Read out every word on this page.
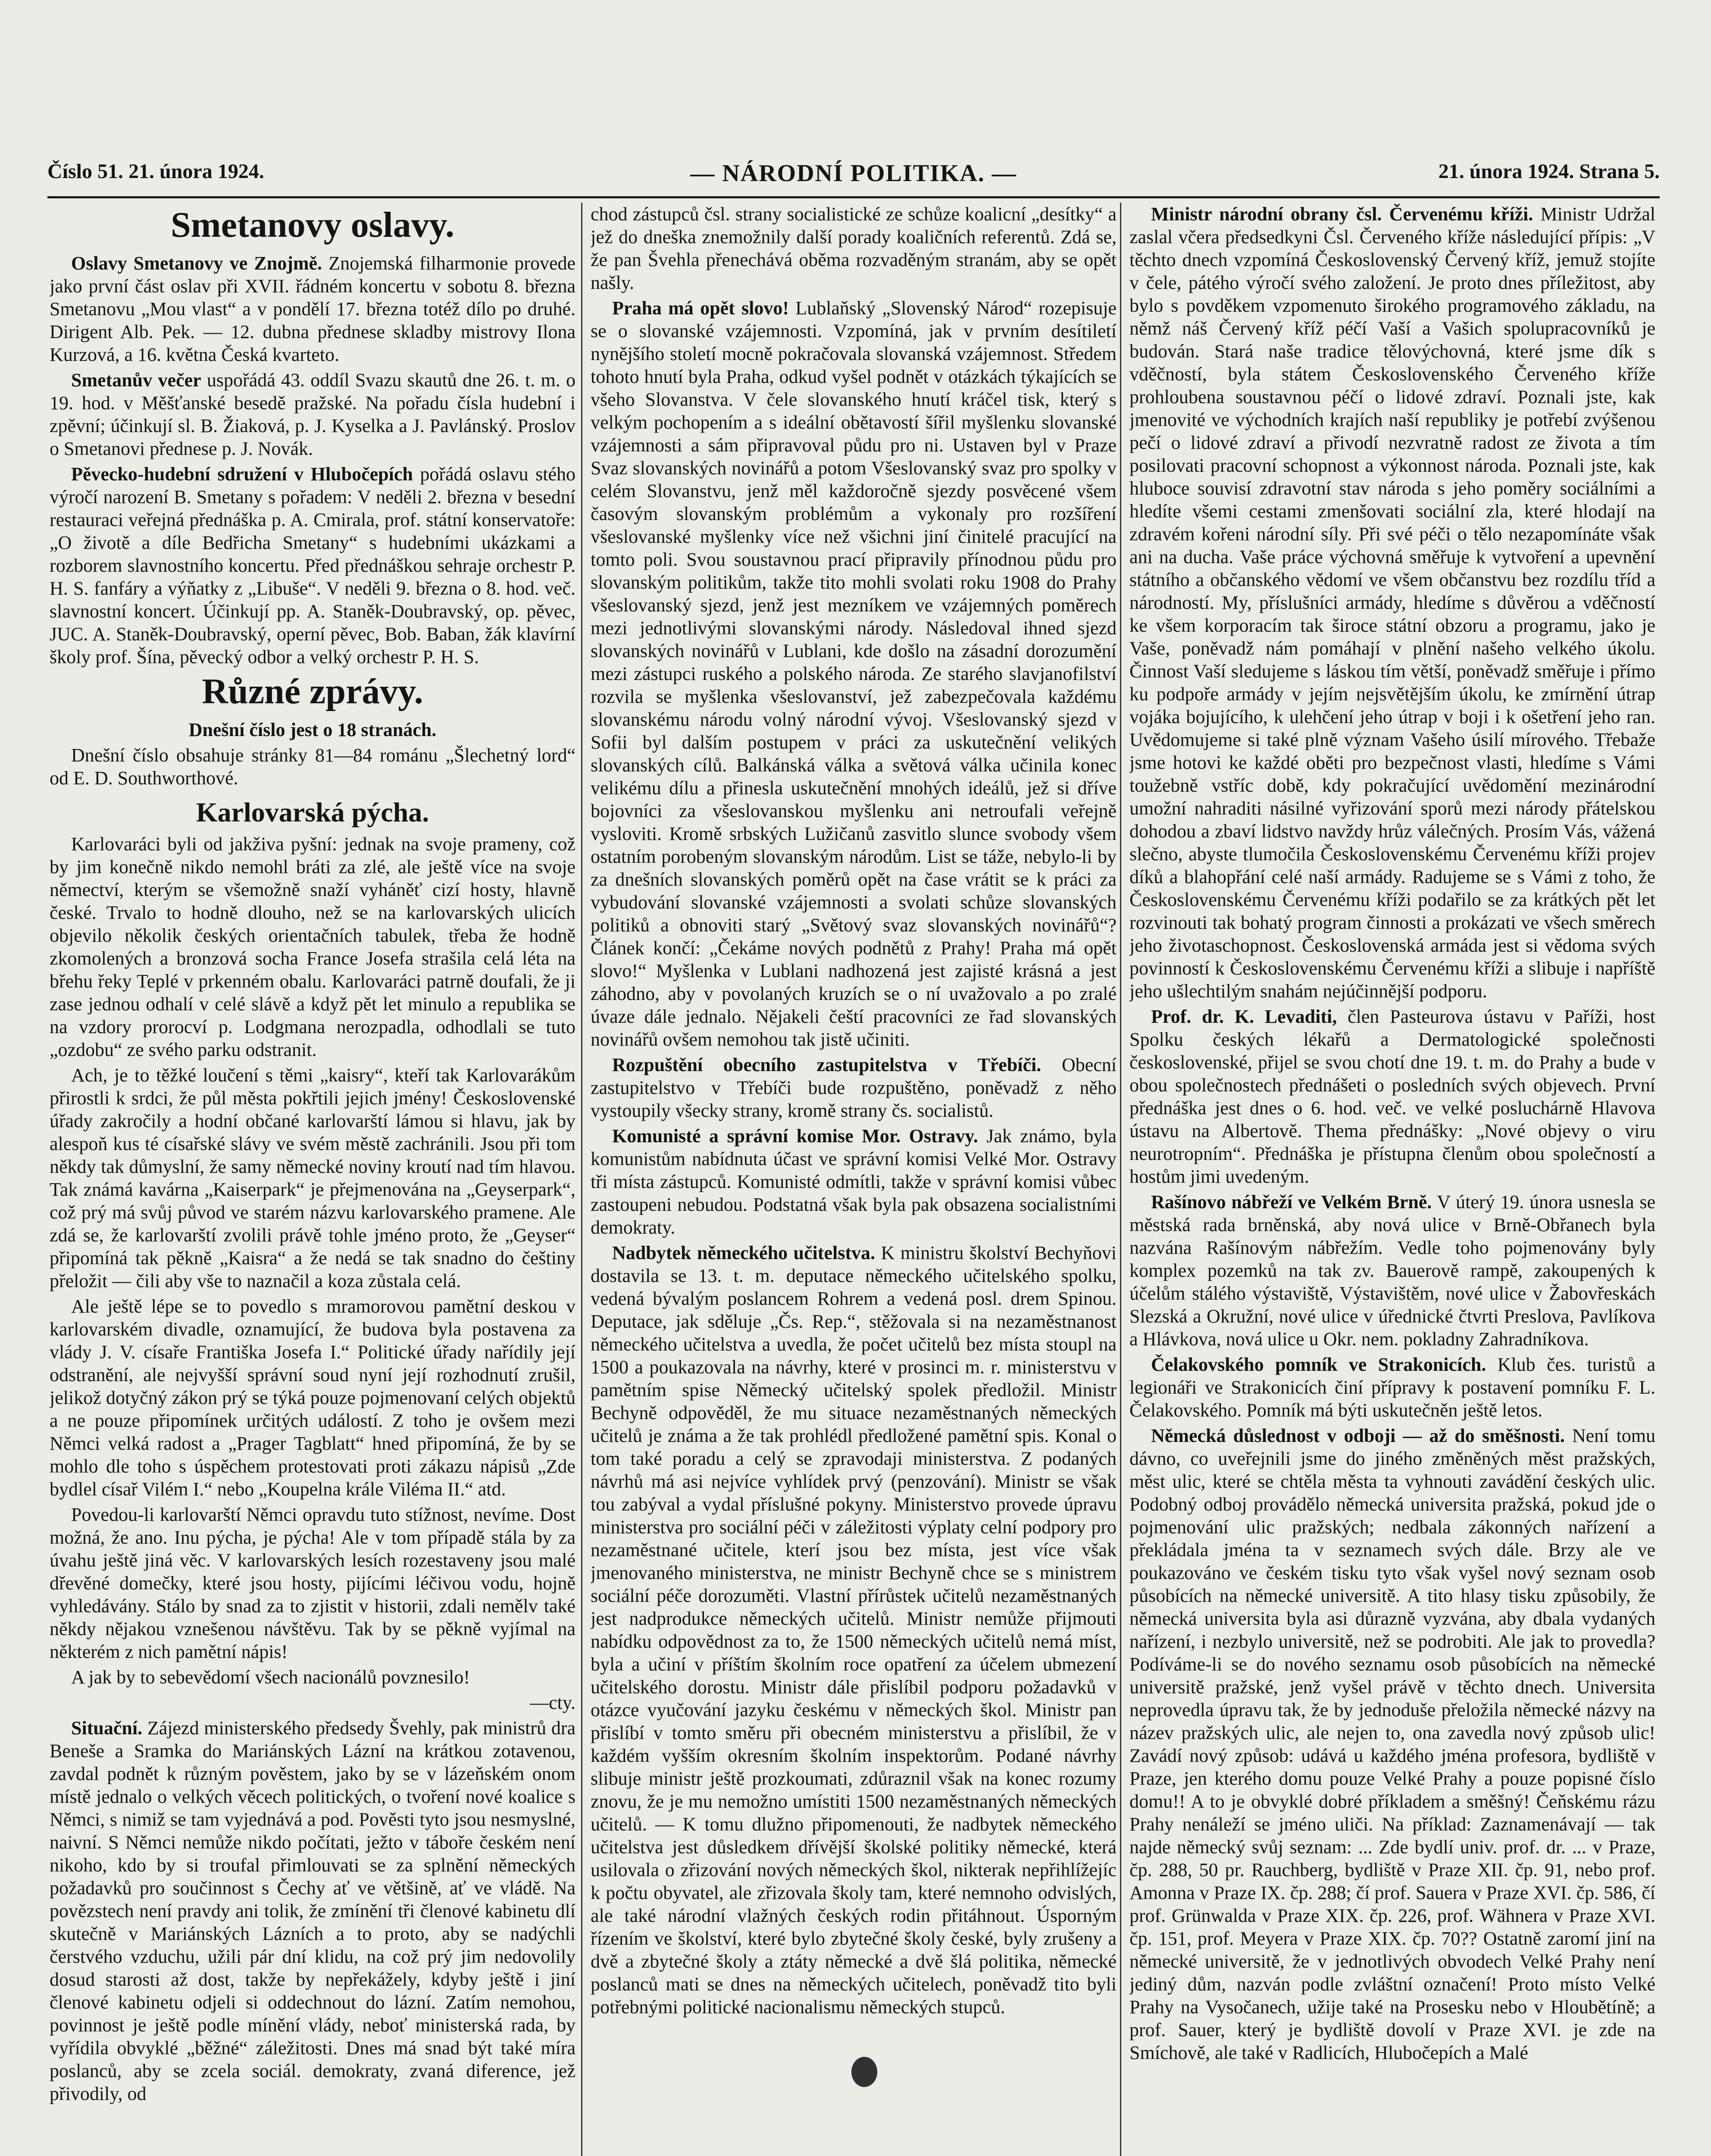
Číslo 51. 21. února 1924.	— NÁRODNÍ POLITIKA. —	21. února 1924. Strana 5.
Smetanovy oslavy.

Oslavy Smetanovy ve Znojmě. Znojemská filharmonie provede jako první část oslav při XVII. řádném koncertu v sobotu 8. března Smetanovu „Mou vlast“ a v pondělí 17. března totéž dílo po druhé. Dirigent Alb. Pek. — 12. dubna přednese skladby mistrovy Ilona Kurzová, a 16. května Česká kvarteto.

Smetanův večer uspořádá 43. oddíl Svazu skautů dne 26. t. m. o 19. hod. v Měšťanské besedě pražské. Na pořadu čísla hudební i zpěvní; účinkují sl. B. Žiaková, p. J. Kyselka a J. Pavlánský. Proslov o Smetanovi přednese p. J. Novák.

Pěvecko-hudební sdružení v Hlubočepích pořádá oslavu stého výročí narození B. Smetany s pořadem: V neděli 2. března v besední restauraci veřejná přednáška p. A. Cmirala, prof. státní konservatoře: „O životě a díle Bedřicha Smetany“ s hudebními ukázkami a rozborem slavnostního koncertu. Před přednáškou sehraje orchestr P. H. S. fanfáry a výňatky z „Libuše“. V neděli 9. března o 8. hod. več. slavnostní koncert. Účinkují pp. A. Staněk-Doubravský, op. pěvec, JUC. A. Staněk-Doubravský, operní pěvec, Bob. Baban, žák klavírní školy prof. Šína, pěvecký odbor a velký orchestr P. H. S.

Různé zprávy.

Dnešní číslo jest o 18 stranách.

Dnešní číslo obsahuje stránky 81—84 románu „Šlechetný lord“ od E. D. Southworthové.

Karlovarská pýcha.

Karlovaráci byli od jakživa pyšní: jednak na svoje prameny, což by jim konečně nikdo nemohl bráti za zlé, ale ještě více na svoje němectví, kterým se všemožně snaží vyháněť cizí hosty, hlavně české. Trvalo to hodně dlouho, než se na karlovarských ulicích objevilo několik českých orientačních tabulek, třeba že hodně zkomolených a bronzová socha France Josefa strašila celá léta na břehu řeky Teplé v prkenném obalu. Karlovaráci patrně doufali, že ji zase jednou odhalí v celé slávě a když pět let minulo a republika se na vzdory prorocví p. Lodgmana nerozpadla, odhodlali se tuto „ozdobu“ ze svého parku odstranit.

Ach, je to těžké loučení s těmi „kaisry“, kteří tak Karlovarákům přirostli k srdci, že půl města pokřtili jejich jmény! Československé úřady zakročily a hodní občané karlovarští lámou si hlavu, jak by alespoň kus té císařské slávy ve svém městě zachránili. Jsou při tom někdy tak důmyslní, že samy německé noviny kroutí nad tím hlavou. Tak známá kavárna „Kaiserpark“ je přejmenována na „Geyserpark“, což prý má svůj původ ve starém názvu karlovarského pramene. Ale zdá se, že karlovarští zvolili právě tohle jméno proto, že „Geyser“ připomíná tak pěkně „Kaisra“ a že nedá se tak snadno do češtiny přeložit — čili aby vše to naznačil a koza zůstala celá.

Ale ještě lépe se to povedlo s mramorovou pamětní deskou v karlovarském divadle, oznamující, že budova byla postavena za vlády J. V. císaře Františka Josefa I.“ Politické úřady nařídily její odstranění, ale nejvyšší správní soud nyní její rozhodnutí zrušil, jelikož dotyčný zákon prý se týká pouze pojmenovaní celých objektů a ne pouze připomínek určitých událostí. Z toho je ovšem mezi Němci velká radost a „Prager Tagblatt“ hned připomíná, že by se mohlo dle toho s úspěchem protestovati proti zákazu nápisů „Zde bydlel císař Vilém I.“ nebo „Koupelna krále Viléma II.“ atd.

Povedou-li karlovarští Němci opravdu tuto stížnost, nevíme. Dost možná, že ano. Inu pýcha, je pýcha! Ale v tom případě stála by za úvahu ještě jiná věc. V karlovarských lesích rozestaveny jsou malé dřevěné domečky, které jsou hosty, pijícími léčivou vodu, hojně vyhledávány. Stálo by snad za to zjistit v historii, zdali nemělv také někdy nějakou vznešenou návštěvu. Tak by se pěkně vyjímal na některém z nich pamětní nápis!

A jak by to sebevědomí všech nacionálů povznesilo!

—cty.

Situační. Zájezd ministerského předsedy Švehly, pak ministrů dra Beneše a Sramka do Mariánských Lázní na krátkou zotavenou, zavdal podnět k různým pověstem, jako by se v lázeňském onom místě jednalo o velkých věcech politických, o tvoření nové koalice s Němci, s nimiž se tam vyjednává a pod. Pověsti tyto jsou nesmyslné, naivní. S Němci nemůže nikdo počítati, ježto v táboře českém není nikoho, kdo by si troufal přimlouvati se za splnění německých požadavků pro součinnost s Čechy ať ve většině, ať ve vládě. Na povězstech není pravdy ani tolik, že zmínění tři členové kabinetu dlí skutečně v Mariánských Lázních a to proto, aby se nadýchli čerstvého vzduchu, užili pár dní klidu, na což prý jim nedovolily dosud starosti až dost, takže by nepřekážely, kdyby ještě i jiní členové kabinetu odjeli si oddechnout do lázní. Zatím nemohou, povinnost je ještě podle mínění vlády, neboť ministerská rada, by vyřídila obvyklé „běžné“ záležitosti. Dnes má snad být také míra poslanců, aby se zcela sociál. demokraty, zvaná diference, jež přivodily, od

chod zástupců čsl. strany socialistické ze schůze koalicní „desítky“ a jež do dneška znemožnily další porady koaličních referentů. Zdá se, že pan Švehla přenechává oběma rozvaděným stranám, aby se opět našly.

Praha má opět slovo! Lublaňský „Slovenský Národ“ rozepisuje se o slovanské vzájemnosti. Vzpomíná, jak v prvním desítiletí nynějšího století mocně pokračovala slovanská vzájemnost. Středem tohoto hnutí byla Praha, odkud vyšel podnět v otázkách týkajících se všeho Slovanstva. V čele slovanského hnutí kráčel tisk, který s velkým pochopením a s ideální obětavostí šířil myšlenku slovanské vzájemnosti a sám připravoval půdu pro ni. Ustaven byl v Praze Svaz slovanských novinářů a potom Všeslovanský svaz pro spolky v celém Slovanstvu, jenž měl každoročně sjezdy posvěcené všem časovým slovanským problémům a vykonaly pro rozšíření všeslovanské myšlenky více než všichni jiní činitelé pracující na tomto poli. Svou soustavnou prací připravily přínodnou půdu pro slovanským politikům, takže tito mohli svolati roku 1908 do Prahy všeslovanský sjezd, jenž jest mezníkem ve vzájemných poměrech mezi jednotlivými slovanskými národy. Následoval ihned sjezd slovanských novinářů v Lublani, kde došlo na zásadní dorozumění mezi zástupci ruského a polského národa. Ze starého slavjanofilství rozvila se myšlenka všeslovanství, jež zabezpečovala každému slovanskému národu volný národní vývoj. Všeslovanský sjezd v Sofii byl dalším postupem v práci za uskutečnění velikých slovanských cílů. Balkánská válka a světová válka učinila konec velikému dílu a přinesla uskutečnění mnohých ideálů, jež si dříve bojovníci za všeslovanskou myšlenku ani netroufali veřejně vysloviti. Kromě srbských Lužičanů zasvitlo slunce svobody všem ostatním porobeným slovanským národům. List se táže, nebylo-li by za dnešních slovanských poměrů opět na čase vrátit se k práci za vybudování slovanské vzájemnosti a svolati schůze slovanských politiků a obnoviti starý „Světový svaz slovanských novinářů“? Článek končí: „Čekáme nových podnětů z Prahy! Praha má opět slovo!“ Myšlenka v Lublani nadhozená jest zajisté krásná a jest záhodno, aby v povolaných kruzích se o ní uvažovalo a po zralé úvaze dále jednalo. Nějakeli čeští pracovníci ze řad slovanských novinářů ovšem nemohou tak jistě učiniti.

Rozpuštění obecního zastupitelstva v Třebíči. Obecní zastupitelstvo v Třebíči bude rozpuštěno, poněvadž z něho vystoupily všecky strany, kromě strany čs. socialistů.

Komunisté a správní komise Mor. Ostravy. Jak známo, byla komunistům nabídnuta účast ve správní komisi Velké Mor. Ostravy tři místa zástupců. Komunisté odmítli, takže v správní komisi vůbec zastoupeni nebudou. Podstatná však byla pak obsazena socialistními demokraty.

Nadbytek německého učitelstva. K ministru školství Bechyňovi dostavila se 13. t. m. deputace německého učitelského spolku, vedená bývalým poslancem Rohrem a vedená posl. drem Spinou. Deputace, jak sděluje „Čs. Rep.“, stěžovala si na nezaměstnanost německého učitelstva a uvedla, že počet učitelů bez místa stoupl na 1500 a poukazovala na návrhy, které v prosinci m. r. ministerstvu v pamětním spise Německý učitelský spolek předložil. Ministr Bechyně odpověděl, že mu situace nezaměstnaných německých učitelů je známa a že tak prohlédl předložené pamětní spis. Konal o tom také poradu a celý se zpravodaji ministerstva. Z podaných návrhů má asi nejvíce vyhlídek prvý (penzování). Ministr se však tou zabýval a vydal příslušné pokyny. Ministerstvo provede úpravu ministerstva pro sociální péči v záležitosti výplaty celní podpory pro nezaměstnané učitele, kterí jsou bez místa, jest více však jmenovaného ministerstva, ne ministr Bechyně chce se s ministrem sociální péče dorozuměti. Vlastní přírůstek učitelů nezaměstnaných jest nadprodukce německých učitelů. Ministr nemůže přijmouti nabídku odpovědnost za to, že 1500 německých učitelů nemá míst, byla a učiní v příštím školním roce opatření za účelem ubmezení učitelského dorostu. Ministr dále přislíbil podporu požadavků v otázce vyučování jazyku českému v německých škol. Ministr pan přislíbí v tomto směru při obecném ministerstvu a přislíbil, že v každém vyšším okresním školním inspektorům. Podané návrhy slibuje ministr ještě prozkoumati, zdůraznil však na konec rozumy znovu, že je mu nemožno umístiti 1500 nezaměstnaných německých učitelů. — K tomu dlužno připomenouti, že nadbytek německého učitelstva jest důsledkem dřívější školské politiky německé, která usilovala o zřizování nových německých škol, nikterak nepřihlížejíc k počtu obyvatel, ale zřizovala školy tam, které nemnoho odvislých, ale také národní vlažných českých rodin přitáhnout. Úsporným řízením ve školství, které bylo zbytečné školy české, byly zrušeny a dvě a zbytečné školy a ztáty německé a dvě šlá politika, německé poslanců mati se dnes na německých učitelech, poněvadž tito byli potřebnými politické nacionalismu německých stupců.

Ministr národní obrany čsl. Červenému kříži. Ministr Udržal zaslal včera předsedkyni Čsl. Červeného kříže následující přípis: „V těchto dnech vzpomíná Československý Červený kříž, jemuž stojíte v čele, pátého výročí svého založení. Je proto dnes příležitost, aby bylo s povděkem vzpomenuto širokého programového základu, na němž náš Červený kříž péčí Vaší a Vašich spolupracovníků je budován. Stará naše tradice tělovýchovná, které jsme dík s vděčností, byla státem Československého Červeného kříže prohloubena soustavnou péčí o lidové zdraví. Poznali jste, kak jmenovité ve východních krajích naší republiky je potřebí zvýšenou pečí o lidové zdraví a přivodí nezvratně radost ze života a tím posilovati pracovní schopnost a výkonnost národa. Poznali jste, kak hluboce souvisí zdravotní stav národa s jeho poměry sociálními a hledíte všemi cestami zmenšovati sociální zla, které hlodají na zdravém kořeni národní síly. Při své péči o tělo nezapomínáte však ani na ducha. Vaše práce výchovná směřuje k vytvoření a upevnění státního a občanského vědomí ve všem občanstvu bez rozdílu tříd a národností. My, příslušníci armády, hledíme s důvěrou a vděčností ke všem korporacím tak široce státní obzoru a programu, jako je Vaše, poněvadž nám pomáhají v plnění našeho velkého úkolu. Činnost Vaší sledujeme s láskou tím větší, poněvadž směřuje i přímo ku podpoře armády v jejím nejsvětějším úkolu, ke zmírnění útrap vojáka bojujícího, k ulehčení jeho útrap v boji i k ošetření jeho ran. Uvědomujeme si také plně význam Vašeho úsilí mírového. Třebaže jsme hotovi ke každé oběti pro bezpečnost vlasti, hledíme s Vámi toužebně vstříc době, kdy pokračující uvědomění mezinárodní umožní nahraditi násilné vyřizování sporů mezi národy přátelskou dohodou a zbaví lidstvo navždy hrůz válečných. Prosím Vás, vážená slečno, abyste tlumočila Československému Červenému kříži projev díků a blahopřání celé naší armády. Radujeme se s Vámi z toho, že Československému Červenému kříži podařilo se za krátkých pět let rozvinouti tak bohatý program činnosti a prokázati ve všech směrech jeho životaschopnost. Československá armáda jest si vědoma svých povinností k Československému Červenému kříži a slibuje i napříště jeho ušlechtilým snahám nejúčinnější podporu.

Prof. dr. K. Levaditi, člen Pasteurova ústavu v Paříži, host Spolku českých lékařů a Dermatologické společnosti československé, přijel se svou chotí dne 19. t. m. do Prahy a bude v obou společnostech přednášeti o posledních svých objevech. První přednáška jest dnes o 6. hod. več. ve velké posluchárně Hlavova ústavu na Albertově. Thema přednášky: „Nové objevy o viru neurotropním“. Přednáška je přístupna členům obou společností a hostům jimi uvedeným.

Rašínovo nábřeží ve Velkém Brně. V úterý 19. února usnesla se městská rada brněnská, aby nová ulice v Brně-Obřanech byla nazvána Rašínovým nábřežím. Vedle toho pojmenovány byly komplex pozemků na tak zv. Bauerově rampě, zakoupených k účelům stálého výstaviště, Výstavištěm, nové ulice v Žabovřeskách Slezská a Okružní, nové ulice v úřednické čtvrti Preslova, Pavlíkova a Hlávkova, nová ulice u Okr. nem. pokladny Zahradníkova.

Čelakovského pomník ve Strakonicích. Klub čes. turistů a legionáři ve Strakonicích činí přípravy k postavení pomníku F. L. Čelakovského. Pomník má býti uskutečněn ještě letos.

Německá důslednost v odboji — až do směšnosti. Není tomu dávno, co uveřejnili jsme do jiného změněných měst pražských, měst ulic, které se chtěla města ta vyhnouti zavádění českých ulic. Podobný odboj provádělo německá universita pražská, pokud jde o pojmenování ulic pražských; nedbala zákonných nařízení a překládala jména ta v seznamech svých dále. Brzy ale ve poukazováno ve českém tisku tyto však vyšel nový seznam osob působících na německé universitě. A tito hlasy tisku způsobily, že německá universita byla asi důrazně vyzvána, aby dbala vydaných nařízení, i nezbylo universitě, než se podrobiti. Ale jak to provedla? Podíváme-li se do nového seznamu osob působících na německé universitě pražské, jenž vyšel právě v těchto dnech. Universita neprovedla úpravu tak, že by jednoduše přeložila německé názvy na název pražských ulic, ale nejen to, ona zavedla nový způsob ulic! Zavádí nový způsob: udává u každého jména profesora, bydliště v Praze, jen kterého domu pouze Velké Prahy a pouze popisné číslo domu!! A to je obvyklé dobré příkladem a směšný! Čeňskému rázu Prahy nenáleží se jméno uliči. Na příklad: Zaznamenávají — tak najde německý svůj seznam: ... Zde bydlí univ. prof. dr. ... v Praze, čp. 288, 50 pr. Rauchberg, bydliště v Praze XII. čp. 91, nebo prof. Amonna v Praze IX. čp. 288; čí prof. Sauera v Praze XVI. čp. 586, čí prof. Grünwalda v Praze XIX. čp. 226, prof. Wähnera v Praze XVI. čp. 151, prof. Meyera v Praze XIX. čp. 70?? Ostatně zaromí jiní na německé universitě, že v jednotlivých obvodech Velké Prahy není jediný dům, nazván podle zvláštní označení! Proto místo Velké Prahy na Vysočanech, užije také na Prosesku nebo v Hloubětíně; a prof. Sauer, který je bydliště dovolí v Praze XVI. je zde na Smíchově, ale také v Radlicích, Hlubočepích a Malé
